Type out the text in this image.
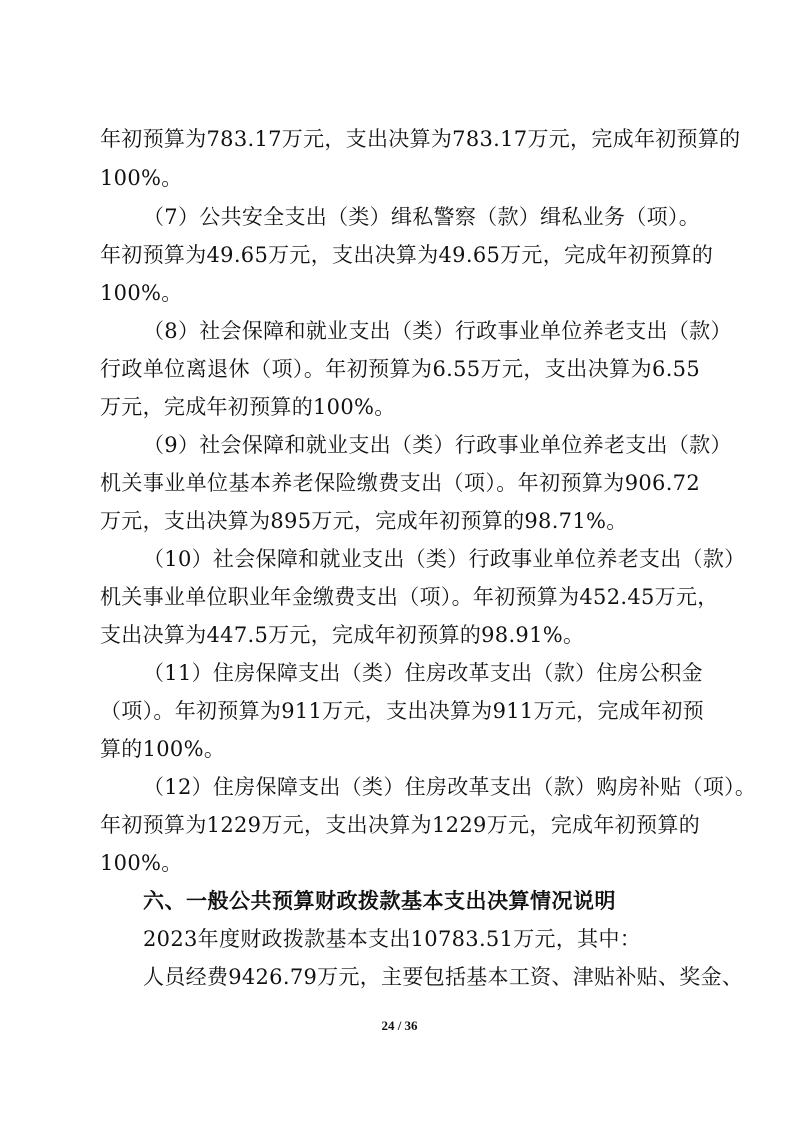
年初预算为783.17万元，支出决算为783.17万元，完成年初预算的
100%。
（7）公共安全支出（类）缉私警察（款）缉私业务（项）。
年初预算为49.65万元，支出决算为49.65万元，完成年初预算的
100%。
（8）社会保障和就业支出（类）行政事业单位养老支出（款）
行政单位离退休（项）。年初预算为6.55万元，支出决算为6.55
万元，完成年初预算的100%。
（9）社会保障和就业支出（类）行政事业单位养老支出（款）
机关事业单位基本养老保险缴费支出（项）。年初预算为906.72
万元，支出决算为895万元，完成年初预算的98.71%。
（10）社会保障和就业支出（类）行政事业单位养老支出（款）
机关事业单位职业年金缴费支出（项）。年初预算为452.45万元，
支出决算为447.5万元，完成年初预算的98.91%。
（11）住房保障支出（类）住房改革支出（款）住房公积金
（项）。年初预算为911万元，支出决算为911万元，完成年初预
算的100%。
（12）住房保障支出（类）住房改革支出（款）购房补贴（项）。
年初预算为1229万元，支出决算为1229万元，完成年初预算的
100%。
六、一般公共预算财政拨款基本支出决算情况说明
2023年度财政拨款基本支出10783.51万元，其中：
人员经费9426.79万元，主要包括基本工资、津贴补贴、奖金、
24 / 36
